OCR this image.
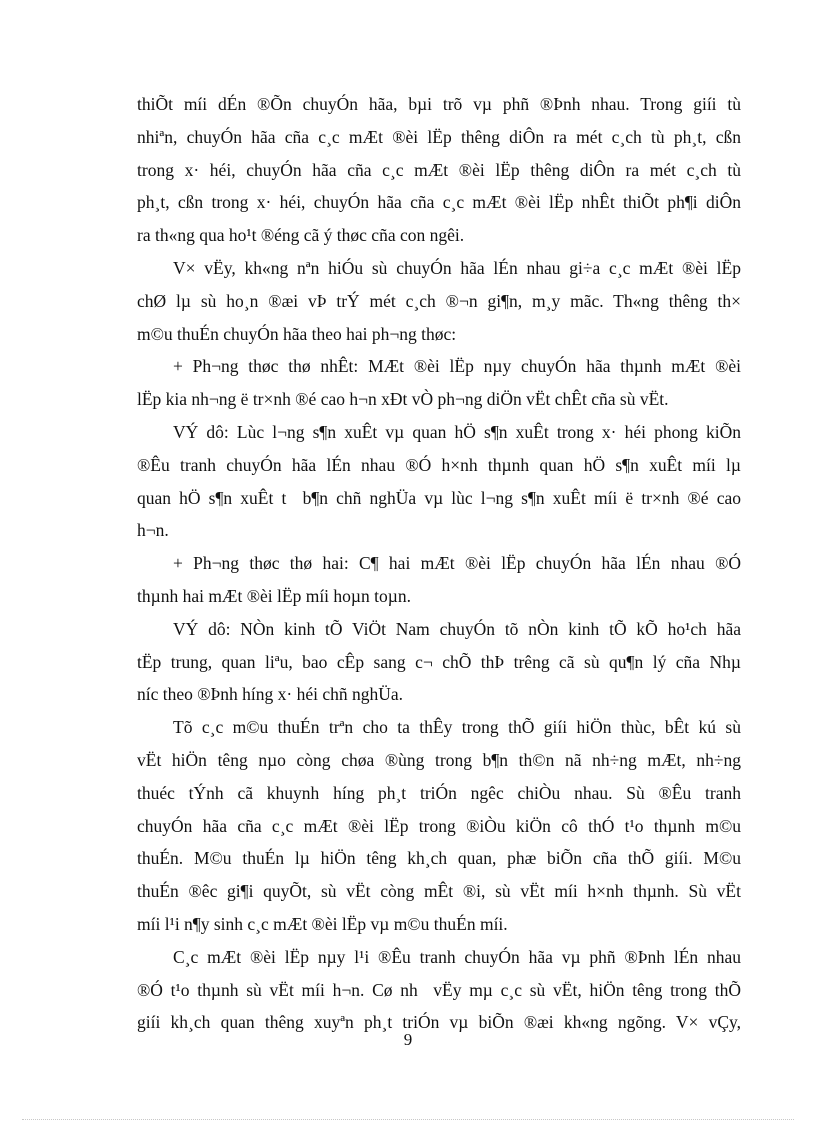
thiÕt míi dÉn ®Õn chuyÓn hãa, bµi trõ vµ phñ ®Þnh nhau. Trong giíi tù
nhiªn, chuyÓn hãa cña c¸c mÆt ®èi lËp thêng diÔn ra mét c¸ch tù ph¸t, cßn
trong x· héi, chuyÓn hãa cña c¸c mÆt ®èi lËp thêng diÔn ra mét c¸ch tù
ph¸t, cßn trong x· héi, chuyÓn hãa cña c¸c mÆt ®èi lËp nhÊt thiÕt ph¶i diÔn
ra th«ng qua ho¹t ®éng cã ý thøc cña con ngêi.

V× vËy, kh«ng nªn hiÓu sù chuyÓn hãa lÉn nhau gi÷a c¸c mÆt ®èi lËp
chØ lµ sù ho¸n ®æi vÞ trÝ mét c¸ch ®¬n gi¶n, m¸y mãc. Th«ng thêng th×
m©u thuÉn chuyÓn hãa theo hai ph¬ng thøc:

+ Ph¬ng thøc thø nhÊt: MÆt ®èi lËp nµy chuyÓn hãa thµnh mÆt ®èi
lËp kia nh¬ng ë tr×nh ®é cao h¬n xÐt vÒ ph¬ng diÖn vËt chÊt cña sù vËt.

VÝ dô: Lùc l¬ng s¶n xuÊt vµ quan hÖ s¶n xuÊt trong x· héi phong kiÕn
®Êu tranh chuyÓn hãa lÉn nhau ®Ó h×nh thµnh quan hÖ s¶n xuÊt míi lµ
quan hÖ s¶n xuÊt t  b¶n chñ nghÜa vµ lùc l¬ng s¶n xuÊt míi ë tr×nh ®é cao
h¬n.

+ Ph¬ng thøc thø hai: C¶ hai mÆt ®èi lËp chuyÓn hãa lÉn nhau ®Ó
thµnh hai mÆt ®èi lËp míi hoµn toµn.

VÝ dô: NÒn kinh tÕ ViÖt Nam chuyÓn tõ nÒn kinh tÕ kÕ ho¹ch hãa
tËp trung, quan liªu, bao cÊp sang c¬ chÕ thÞ trêng cã sù qu¶n lý cña Nhµ
níc theo ®Þnh híng x· héi chñ nghÜa.

Tõ c¸c m©u thuÉn trªn cho ta thÊy trong thÕ giíi hiÖn thùc, bÊt kú sù
vËt hiÖn têng nµo còng chøa ®ùng trong b¶n th©n nã nh÷ng mÆt, nh÷ng
thuéc tÝnh cã khuynh híng ph¸t triÓn ngêc chiÒu nhau. Sù ®Êu tranh
chuyÓn hãa cña c¸c mÆt ®èi lËp trong ®iÒu kiÖn cô thÓ t¹o thµnh m©u
thuÉn. M©u thuÉn lµ hiÖn têng kh¸ch quan, phæ biÕn cña thÕ giíi. M©u
thuÉn ®êc gi¶i quyÕt, sù vËt còng mÊt ®i, sù vËt míi h×nh thµnh. Sù vËt
míi l¹i n¶y sinh c¸c mÆt ®èi lËp vµ m©u thuÉn míi.

C¸c mÆt ®èi lËp nµy l¹i ®Êu tranh chuyÓn hãa vµ phñ ®Þnh lÉn nhau
®Ó t¹o thµnh sù vËt míi h¬n. Cø nh  vËy mµ c¸c sù vËt, hiÖn têng trong thÕ
giíi kh¸ch quan thêng xuyªn ph¸t triÓn vµ biÕn ®æi kh«ng ngõng. V× vÇy,

9
